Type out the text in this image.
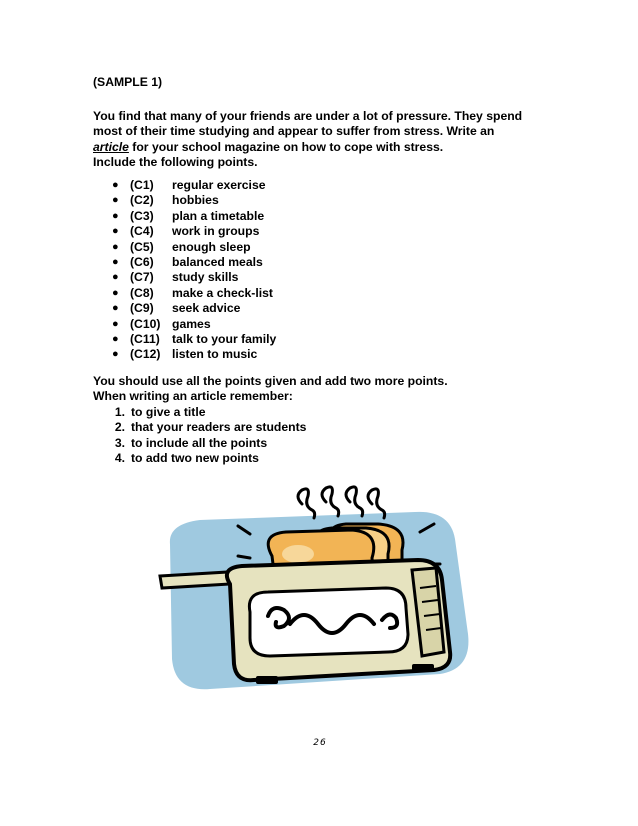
(SAMPLE 1)

You find that many of your friends are under a lot of pressure. They spend

most of their time studying and appear to suffer from stress. Write an

article for your school magazine on how to cope with stress.

Include the following points.

● (C1)	regular exercise
● (C2)	hobbies
● (C3)	plan a timetable
● (C4)	work in groups
● (C5)	enough sleep
● (C6)	balanced meals
● (C7)	study skills
● (C8)	make a check-list
● (C9)	seek advice
● (C10) games
● (C11) talk to your family
● (C12) listen to music

You should use all the points given and add two more points.

When writing an article remember:

1. to give a title
2. that your readers are students
3. to include all the points
4. to add two new points
26
